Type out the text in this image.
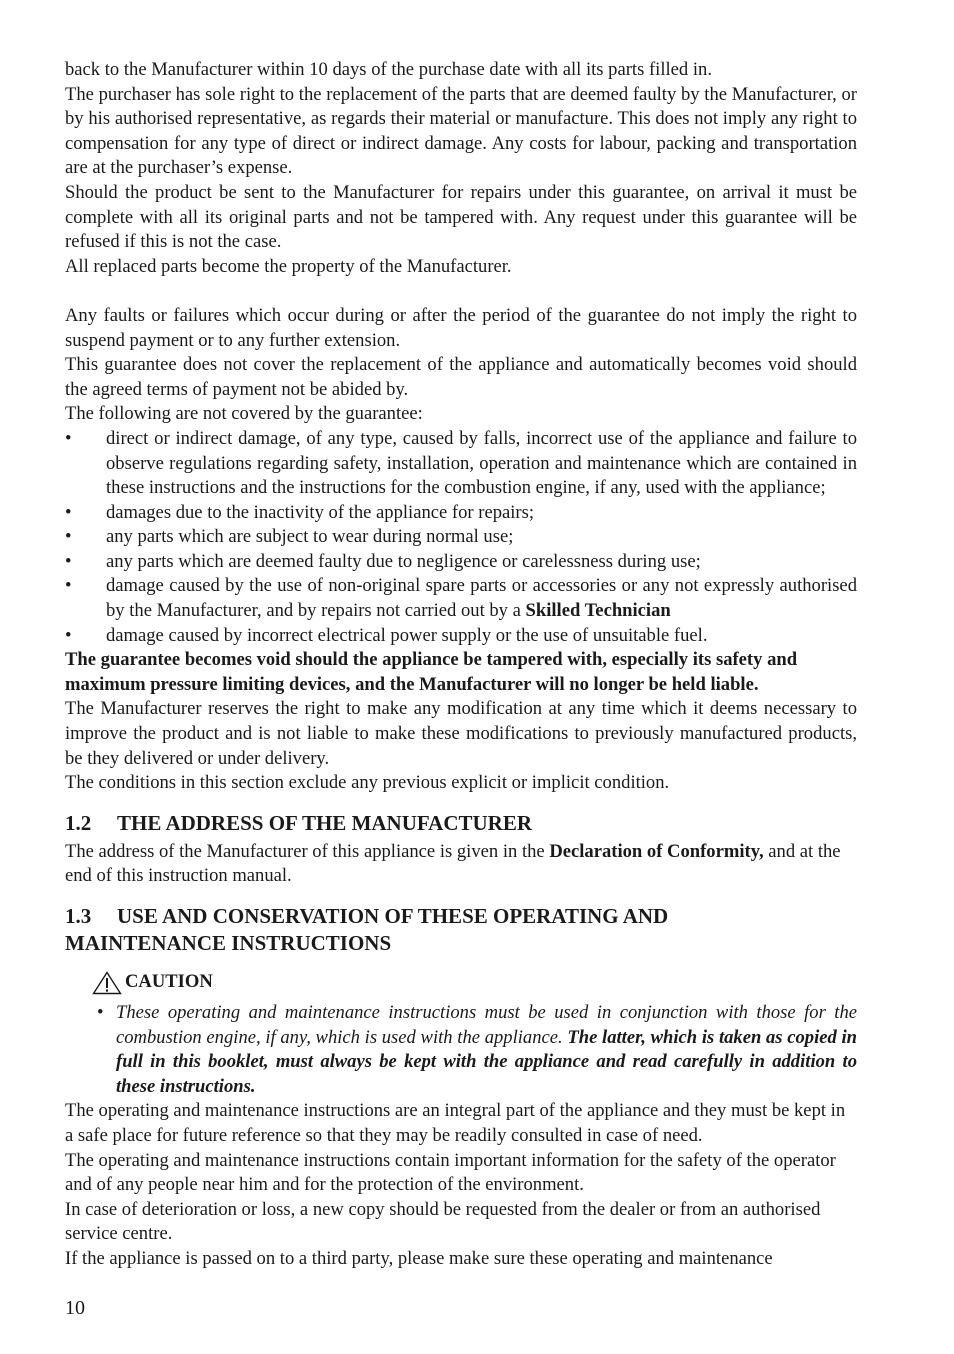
back to the Manufacturer within 10 days of the purchase date with all its parts filled in.

The purchaser has sole right to the replacement of the parts that are deemed faulty by the Manufacturer, or by his authorised representative, as regards their material or manufacture. This does not imply any right to compensation for any type of direct or indirect damage. Any costs for labour, packing and transportation are at the purchaser’s expense.

Should the product be sent to the Manufacturer for repairs under this guarantee, on arrival it must be complete with all its original parts and not be tampered with. Any request under this guarantee will be refused if this is not the case.

All replaced parts become the property of the Manufacturer.

Any faults or failures which occur during or after the period of the guarantee do not imply the right to suspend payment or to any further extension.

This guarantee does not cover the replacement of the appliance and automatically becomes void should the agreed terms of payment not be abided by.

The following are not covered by the guarantee:

• direct or indirect damage, of any type, caused by falls, incorrect use of the appliance and failure to observe regulations regarding safety, installation, operation and maintenance which are contained in these instructions and the instructions for the combustion engine, if any, used with the appliance;
• damages due to the inactivity of the appliance for repairs;
• any parts which are subject to wear during normal use;
• any parts which are deemed faulty due to negligence or carelessness during use;
• damage caused by the use of non-original spare parts or accessories or any not expressly authorised by the Manufacturer, and by repairs not carried out by a Skilled Technician
• damage caused by incorrect electrical power supply or the use of unsuitable fuel.

The guarantee becomes void should the appliance be tampered with, especially its safety and maximum pressure limiting devices, and the Manufacturer will no longer be held liable.

The Manufacturer reserves the right to make any modification at any time which it deems necessary to improve the product and is not liable to make these modifications to previously manufactured products, be they delivered or under delivery.

The conditions in this section exclude any previous explicit or implicit condition.

1.2 THE ADDRESS OF THE MANUFACTURER

The address of the Manufacturer of this appliance is given in the Declaration of Conformity, and at the end of this instruction manual.

1.3 USE AND CONSERVATION OF THESE OPERATING AND
MAINTENANCE INSTRUCTIONS
CAUTION
• These operating and maintenance instructions must be used in conjunction with those for the combustion engine, if any, which is used with the appliance. The latter, which is taken as copied in full in this booklet, must always be kept with the appliance and read carefully in addition to these instructions.

The operating and maintenance instructions are an integral part of the appliance and they must be kept in a safe place for future reference so that they may be readily consulted in case of need.

The operating and maintenance instructions contain important information for the safety of the operator and of any people near him and for the protection of the environment.

In case of deterioration or loss, a new copy should be requested from the dealer or from an authorised service centre.

If the appliance is passed on to a third party, please make sure these operating and maintenance

10
